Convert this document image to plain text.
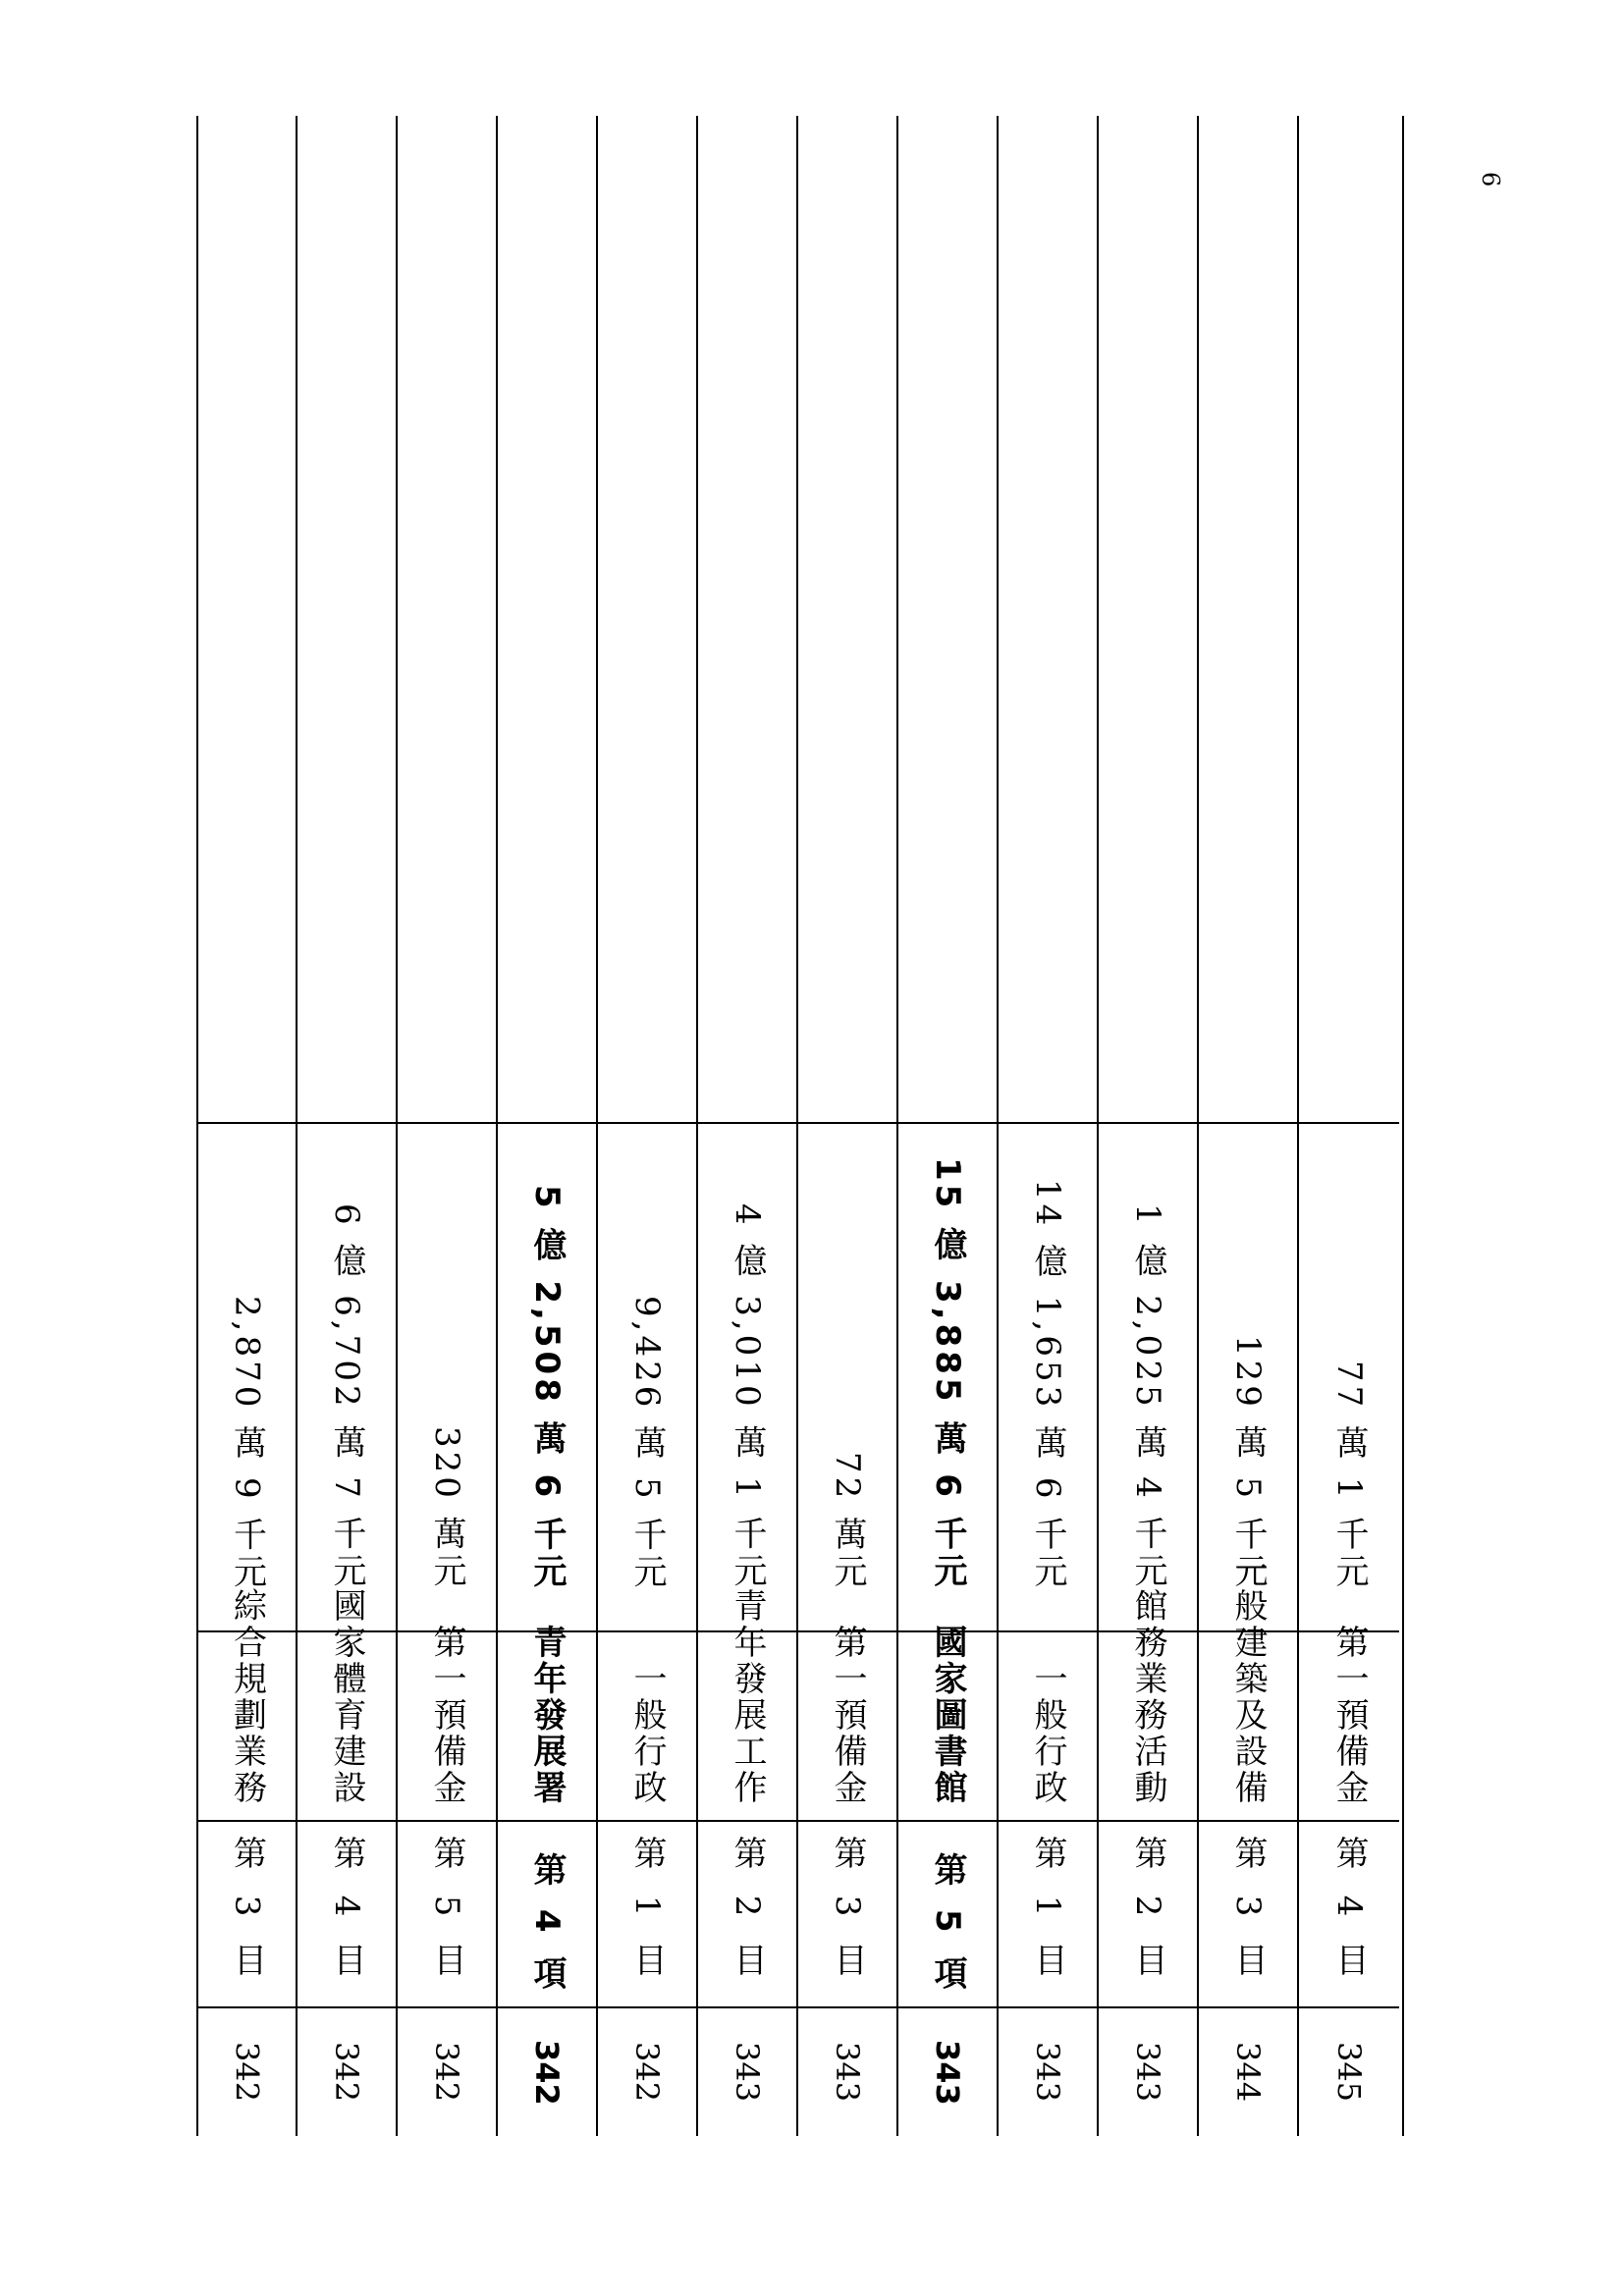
6
2,870 萬 9 千元
綜合規劃業務
第 3 目
342
6 億 6,702 萬 7 千元
國家體育建設
第 4 目
342
320 萬元
第一預備金
第 5 目
342
5 億 2,508 萬 6 千元
青年發展署
第 4 項
342
9,426 萬 5 千元
一般行政
第 1 目
342
4 億 3,010 萬 1 千元
青年發展工作
第 2 目
343
72 萬元
第一預備金
第 3 目
343
15 億 3,885 萬 6 千元
國家圖書館
第 5 項
343
14 億 1,653 萬 6 千元
一般行政
第 1 目
343
1 億 2,025 萬 4 千元
館務業務活動
第 2 目
343
129 萬 5 千元
一般建築及設備
第 3 目
344
77 萬 1 千元
第一預備金
第 4 目
345
